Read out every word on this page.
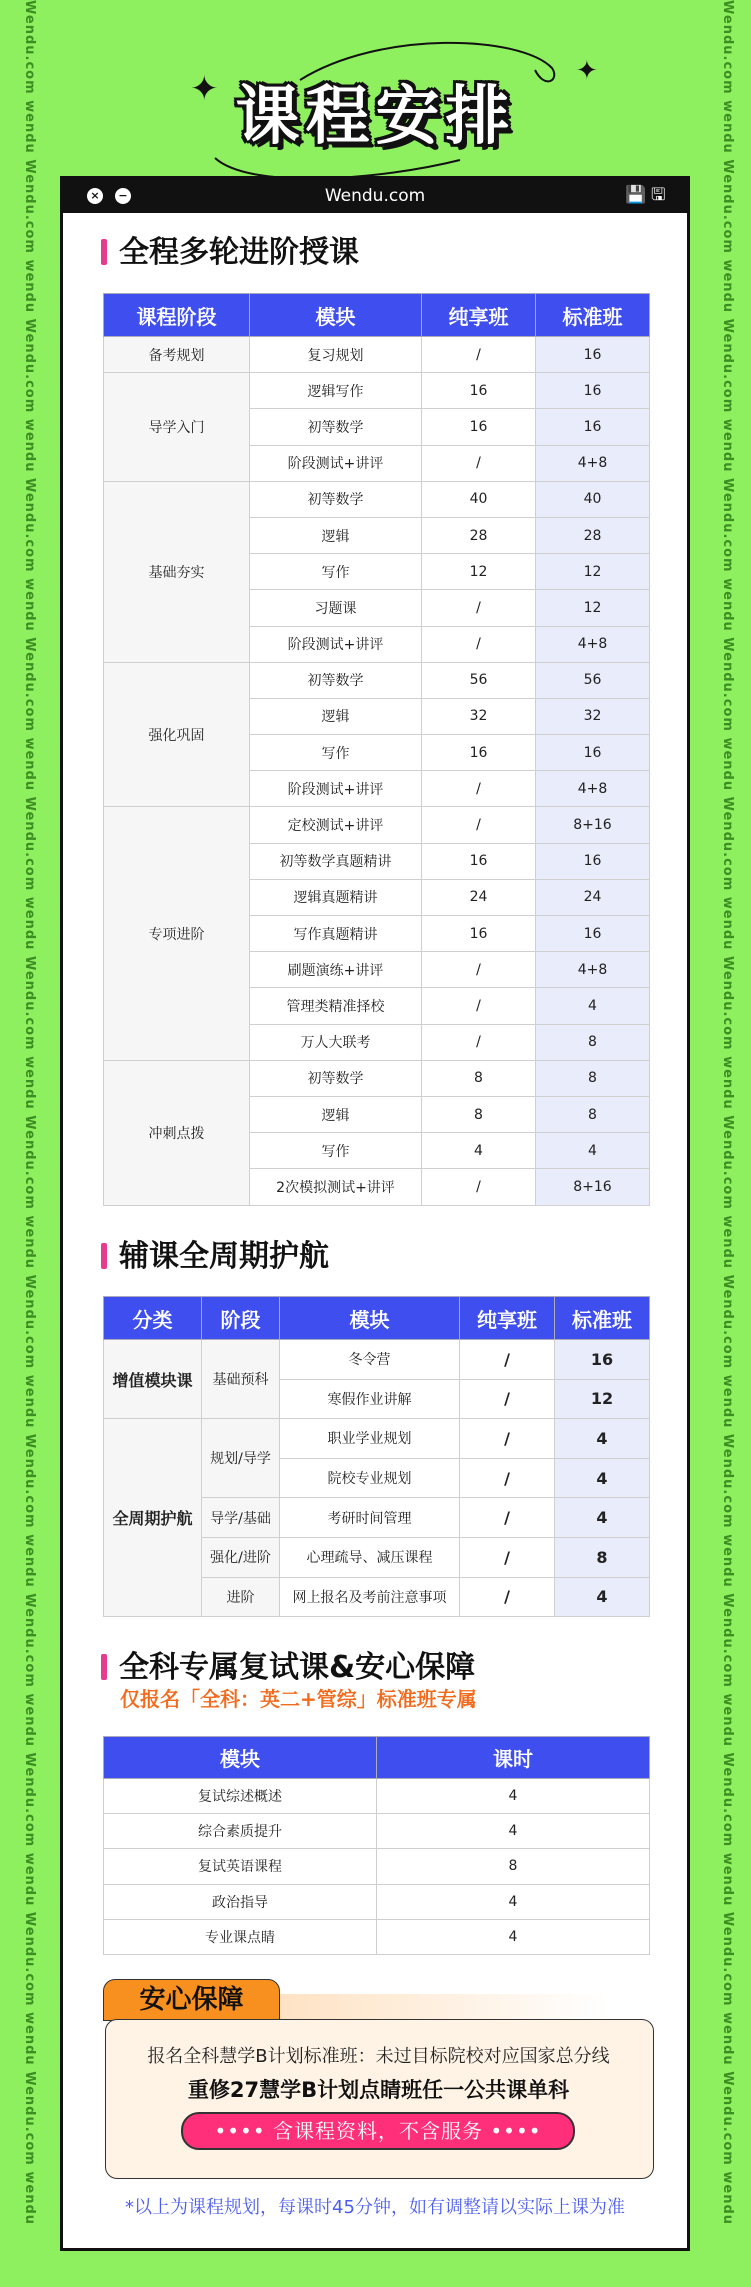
Wendu.com wendu Wendu.com wendu Wendu.com wendu Wendu.com wendu Wendu.com wendu Wendu.com wendu Wendu.com wendu Wendu.com wendu Wendu.com wendu Wendu.com wendu Wendu.com wendu Wendu.com wendu Wendu.com wendu Wendu.com wendu	Wendu.com wendu Wendu.com wendu Wendu.com wendu Wendu.com wendu Wendu.com wendu Wendu.com wendu Wendu.com wendu Wendu.com wendu Wendu.com wendu Wendu.com wendu Wendu.com wendu Wendu.com wendu Wendu.com wendu Wendu.com wendu
✦	✦
课程安排
×	−	Wendu.com	💾 🖫
全程多轮进阶授课
课程阶段	模块	纯享班	标准班
备考规划	复习规划	/	16
导学入门	逻辑写作	16	16
	初等数学	16	16
	阶段测试+讲评	/	4+8
基础夯实	初等数学	40	40
	逻辑	28	28
	写作	12	12
	习题课	/	12
	阶段测试+讲评	/	4+8
强化巩固	初等数学	56	56
	逻辑	32	32
	写作	16	16
	阶段测试+讲评	/	4+8
专项进阶	定校测试+讲评	/	8+16
	初等数学真题精讲	16	16
	逻辑真题精讲	24	24
	写作真题精讲	16	16
	刷题演练+讲评	/	4+8
	管理类精准择校	/	4
	万人大联考	/	8
冲刺点拨	初等数学	8	8
	逻辑	8	8
	写作	4	4
	2次模拟测试+讲评	/	8+16
辅课全周期护航
分类	阶段	模块	纯享班	标准班
增值模块课	基础预科	冬令营	/	16
		寒假作业讲解	/	12
全周期护航	规划/导学	职业学业规划	/	4
		院校专业规划	/	4
	导学/基础	考研时间管理	/	4
	强化/进阶	心理疏导、减压课程	/	8
	进阶	网上报名及考前注意事项	/	4
全科专属复试课&安心保障
仅报名「全科：英二+管综」标准班专属
模块	课时
复试综述概述	4
综合素质提升	4
复试英语课程	8
政治指导	4
专业课点睛	4
安心保障
报名全科慧学B计划标准班：未过目标院校对应国家总分线
重修27慧学B计划点睛班任一公共课单科
•••• 含课程资料，不含服务 ••••
*以上为课程规划，每课时45分钟，如有调整请以实际上课为准
